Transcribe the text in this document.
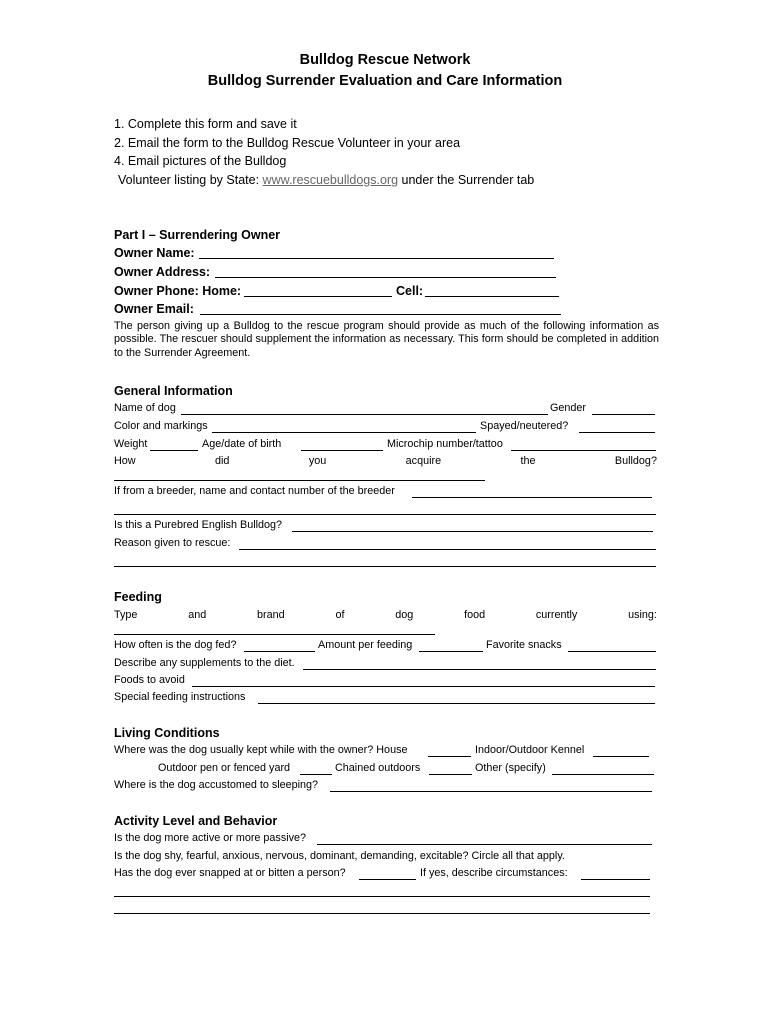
Bulldog Rescue Network
Bulldog Surrender Evaluation and Care Information
1. Complete this form and save it
2. Email the form to the Bulldog Rescue Volunteer in your area
4. Email pictures of the Bulldog
Volunteer listing by State: www.rescuebulldogs.org under the Surrender tab
Part I – Surrendering Owner
Owner Name:
Owner Address:
Owner Phone: Home:	Cell:
Owner Email:
The person giving up a Bulldog to the rescue program should provide as much of the following information as possible. The rescuer should supplement the information as necessary. This form should be completed in addition to the Surrender Agreement.
General Information
Name of dog	Gender
Color and markings	Spayed/neutered?
Weight	Age/date of birth	Microchip number/tattoo
How	did	you	acquire	the	Bulldog?
If from a breeder, name and contact number of the breeder
Is this a Purebred English Bulldog?
Reason given to rescue:
Feeding
Type	and	brand	of	dog	food	currently	using:
How often is the dog fed?	Amount per feeding	Favorite snacks
Describe any supplements to the diet.
Foods to avoid
Special feeding instructions
Living Conditions
Where was the dog usually kept while with the owner? House	Indoor/Outdoor Kennel
Outdoor pen or fenced yard	Chained outdoors	Other (specify)
Where is the dog accustomed to sleeping?
Activity Level and Behavior
Is the dog more active or more passive?
Is the dog shy, fearful, anxious, nervous, dominant, demanding, excitable? Circle all that apply.
Has the dog ever snapped at or bitten a person?	If yes, describe circumstances:
